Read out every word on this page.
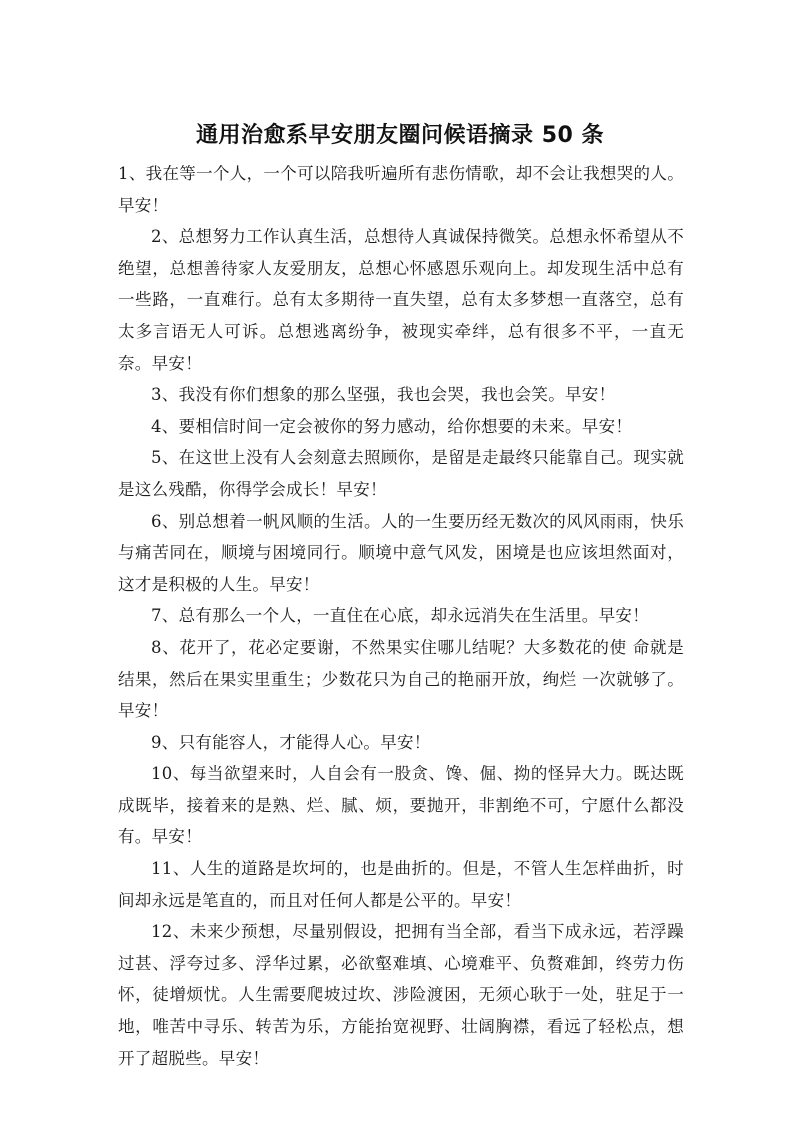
通用治愈系早安朋友圈问候语摘录 50 条

1、我在等一个人，一个可以陪我听遍所有悲伤情歌，却不会让我想哭的人。早安！

2、总想努力工作认真生活，总想待人真诚保持微笑。总想永怀希望从不绝望，总想善待家人友爱朋友，总想心怀感恩乐观向上。却发现生活中总有一些路，一直难行。总有太多期待一直失望，总有太多梦想一直落空，总有太多言语无人可诉。总想逃离纷争，被现实牵绊，总有很多不平，一直无奈。早安！

3、我没有你们想象的那么坚强，我也会哭，我也会笑。早安！

4、要相信时间一定会被你的努力感动，给你想要的未来。早安！

5、在这世上没有人会刻意去照顾你，是留是走最终只能靠自己。现实就是这么残酷，你得学会成长！早安！

6、别总想着一帆风顺的生活。人的一生要历经无数次的风风雨雨，快乐与痛苦同在，顺境与困境同行。顺境中意气风发，困境是也应该坦然面对，这才是积极的人生。早安！

7、总有那么一个人，一直住在心底，却永远消失在生活里。早安！

8、花开了，花必定要谢，不然果实住哪儿结呢？大多数花的使 命就是结果，然后在果实里重生；少数花只为自己的艳丽开放，绚烂 一次就够了。早安！

9、只有能容人，才能得人心。早安！

10、每当欲望来时，人自会有一股贪、馋、倔、拗的怪异大力。既达既成既毕，接着来的是熟、烂、腻、烦，要抛开，非割绝不可，宁愿什么都没有。早安！

11、人生的道路是坎坷的，也是曲折的。但是，不管人生怎样曲折，时间却永远是笔直的，而且对任何人都是公平的。早安！

12、未来少预想，尽量别假设，把拥有当全部，看当下成永远，若浮躁过甚、浮夸过多、浮华过累，必欲壑难填、心境难平、负赘难卸，终劳力伤怀，徒增烦忧。人生需要爬坡过坎、涉险渡困，无须心耿于一处，驻足于一地，唯苦中寻乐、转苦为乐，方能抬宽视野、壮阔胸襟，看远了轻松点，想开了超脱些。早安！
